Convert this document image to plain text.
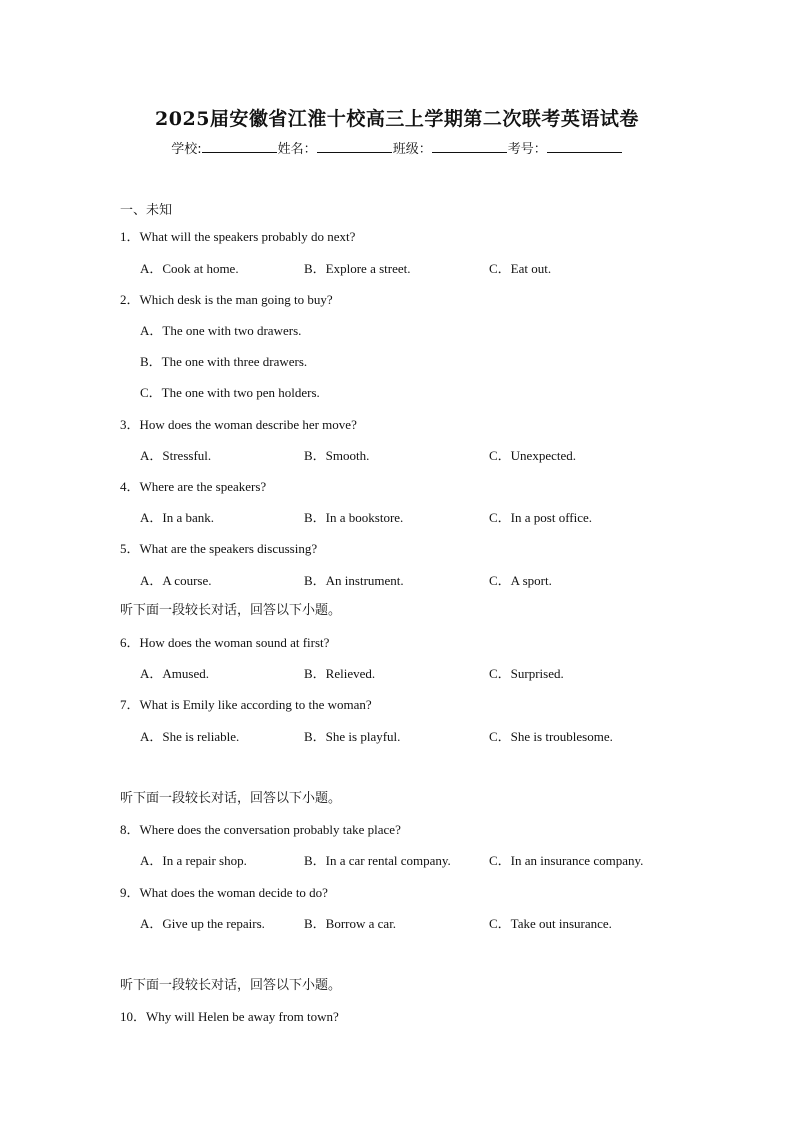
2025届安徽省江淮十校高三上学期第二次联考英语试卷
学校:	姓名：	班级：	考号：
一、未知
1．What will the speakers probably do next?
A．Cook at home.	B．Explore a street.	C．Eat out.
2．Which desk is the man going to buy?
A．The one with two drawers.
B．The one with three drawers.
C．The one with two pen holders.
3．How does the woman describe her move?
A．Stressful.	B．Smooth.	C．Unexpected.
4．Where are the speakers?
A．In a bank.	B．In a bookstore.	C．In a post office.
5．What are the speakers discussing?
A．A course.	B．An instrument.	C．A sport.
听下面一段较长对话，回答以下小题。
6．How does the woman sound at first?
A．Amused.	B．Relieved.	C．Surprised.
7．What is Emily like according to the woman?
A．She is reliable.	B．She is playful.	C．She is troublesome.
听下面一段较长对话，回答以下小题。
8．Where does the conversation probably take place?
A．In a repair shop.	B．In a car rental company.	C．In an insurance company.
9．What does the woman decide to do?
A．Give up the repairs.	B．Borrow a car.	C．Take out insurance.
听下面一段较长对话，回答以下小题。
10．Why will Helen be away from town?
